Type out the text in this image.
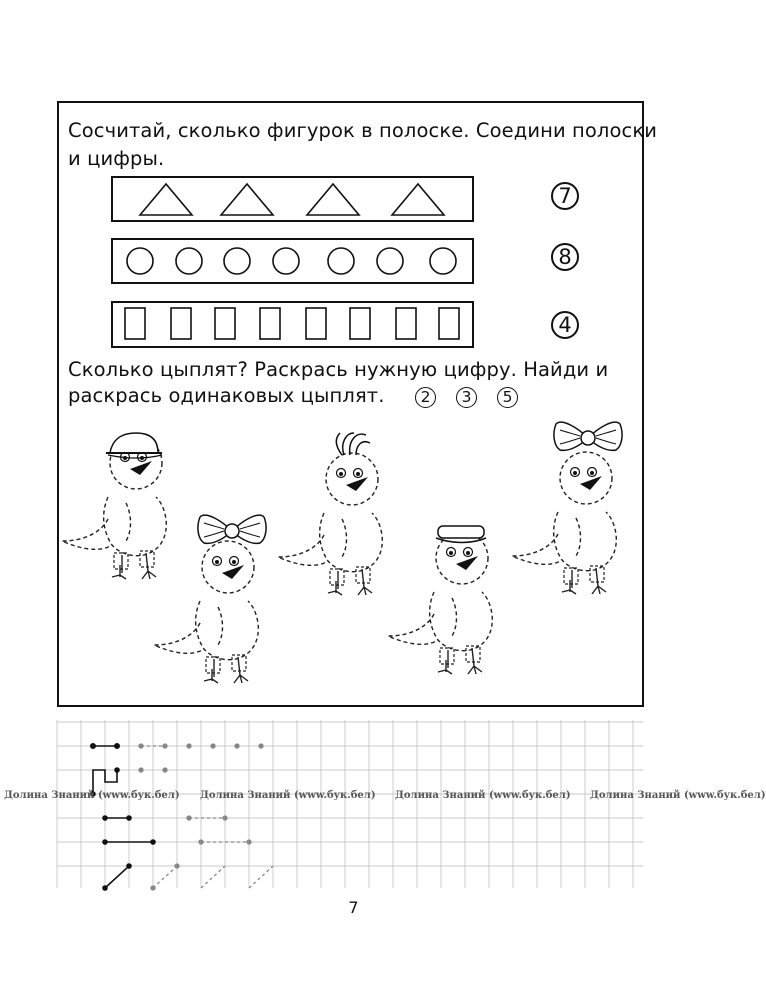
Сосчитай, сколько фигурок в полоске. Соедини полоски
и цифры.
7
8
4
Сколько цыплят? Раскрась нужную цифру. Найди и
раскрась одинаковых цыплят.	2	3	5
Долина Знаний (www.бук.бел) Долина Знаний (www.бук.бел) Долина Знаний (www.бук.бел) Долина Знаний (www.бук.бел)
7
